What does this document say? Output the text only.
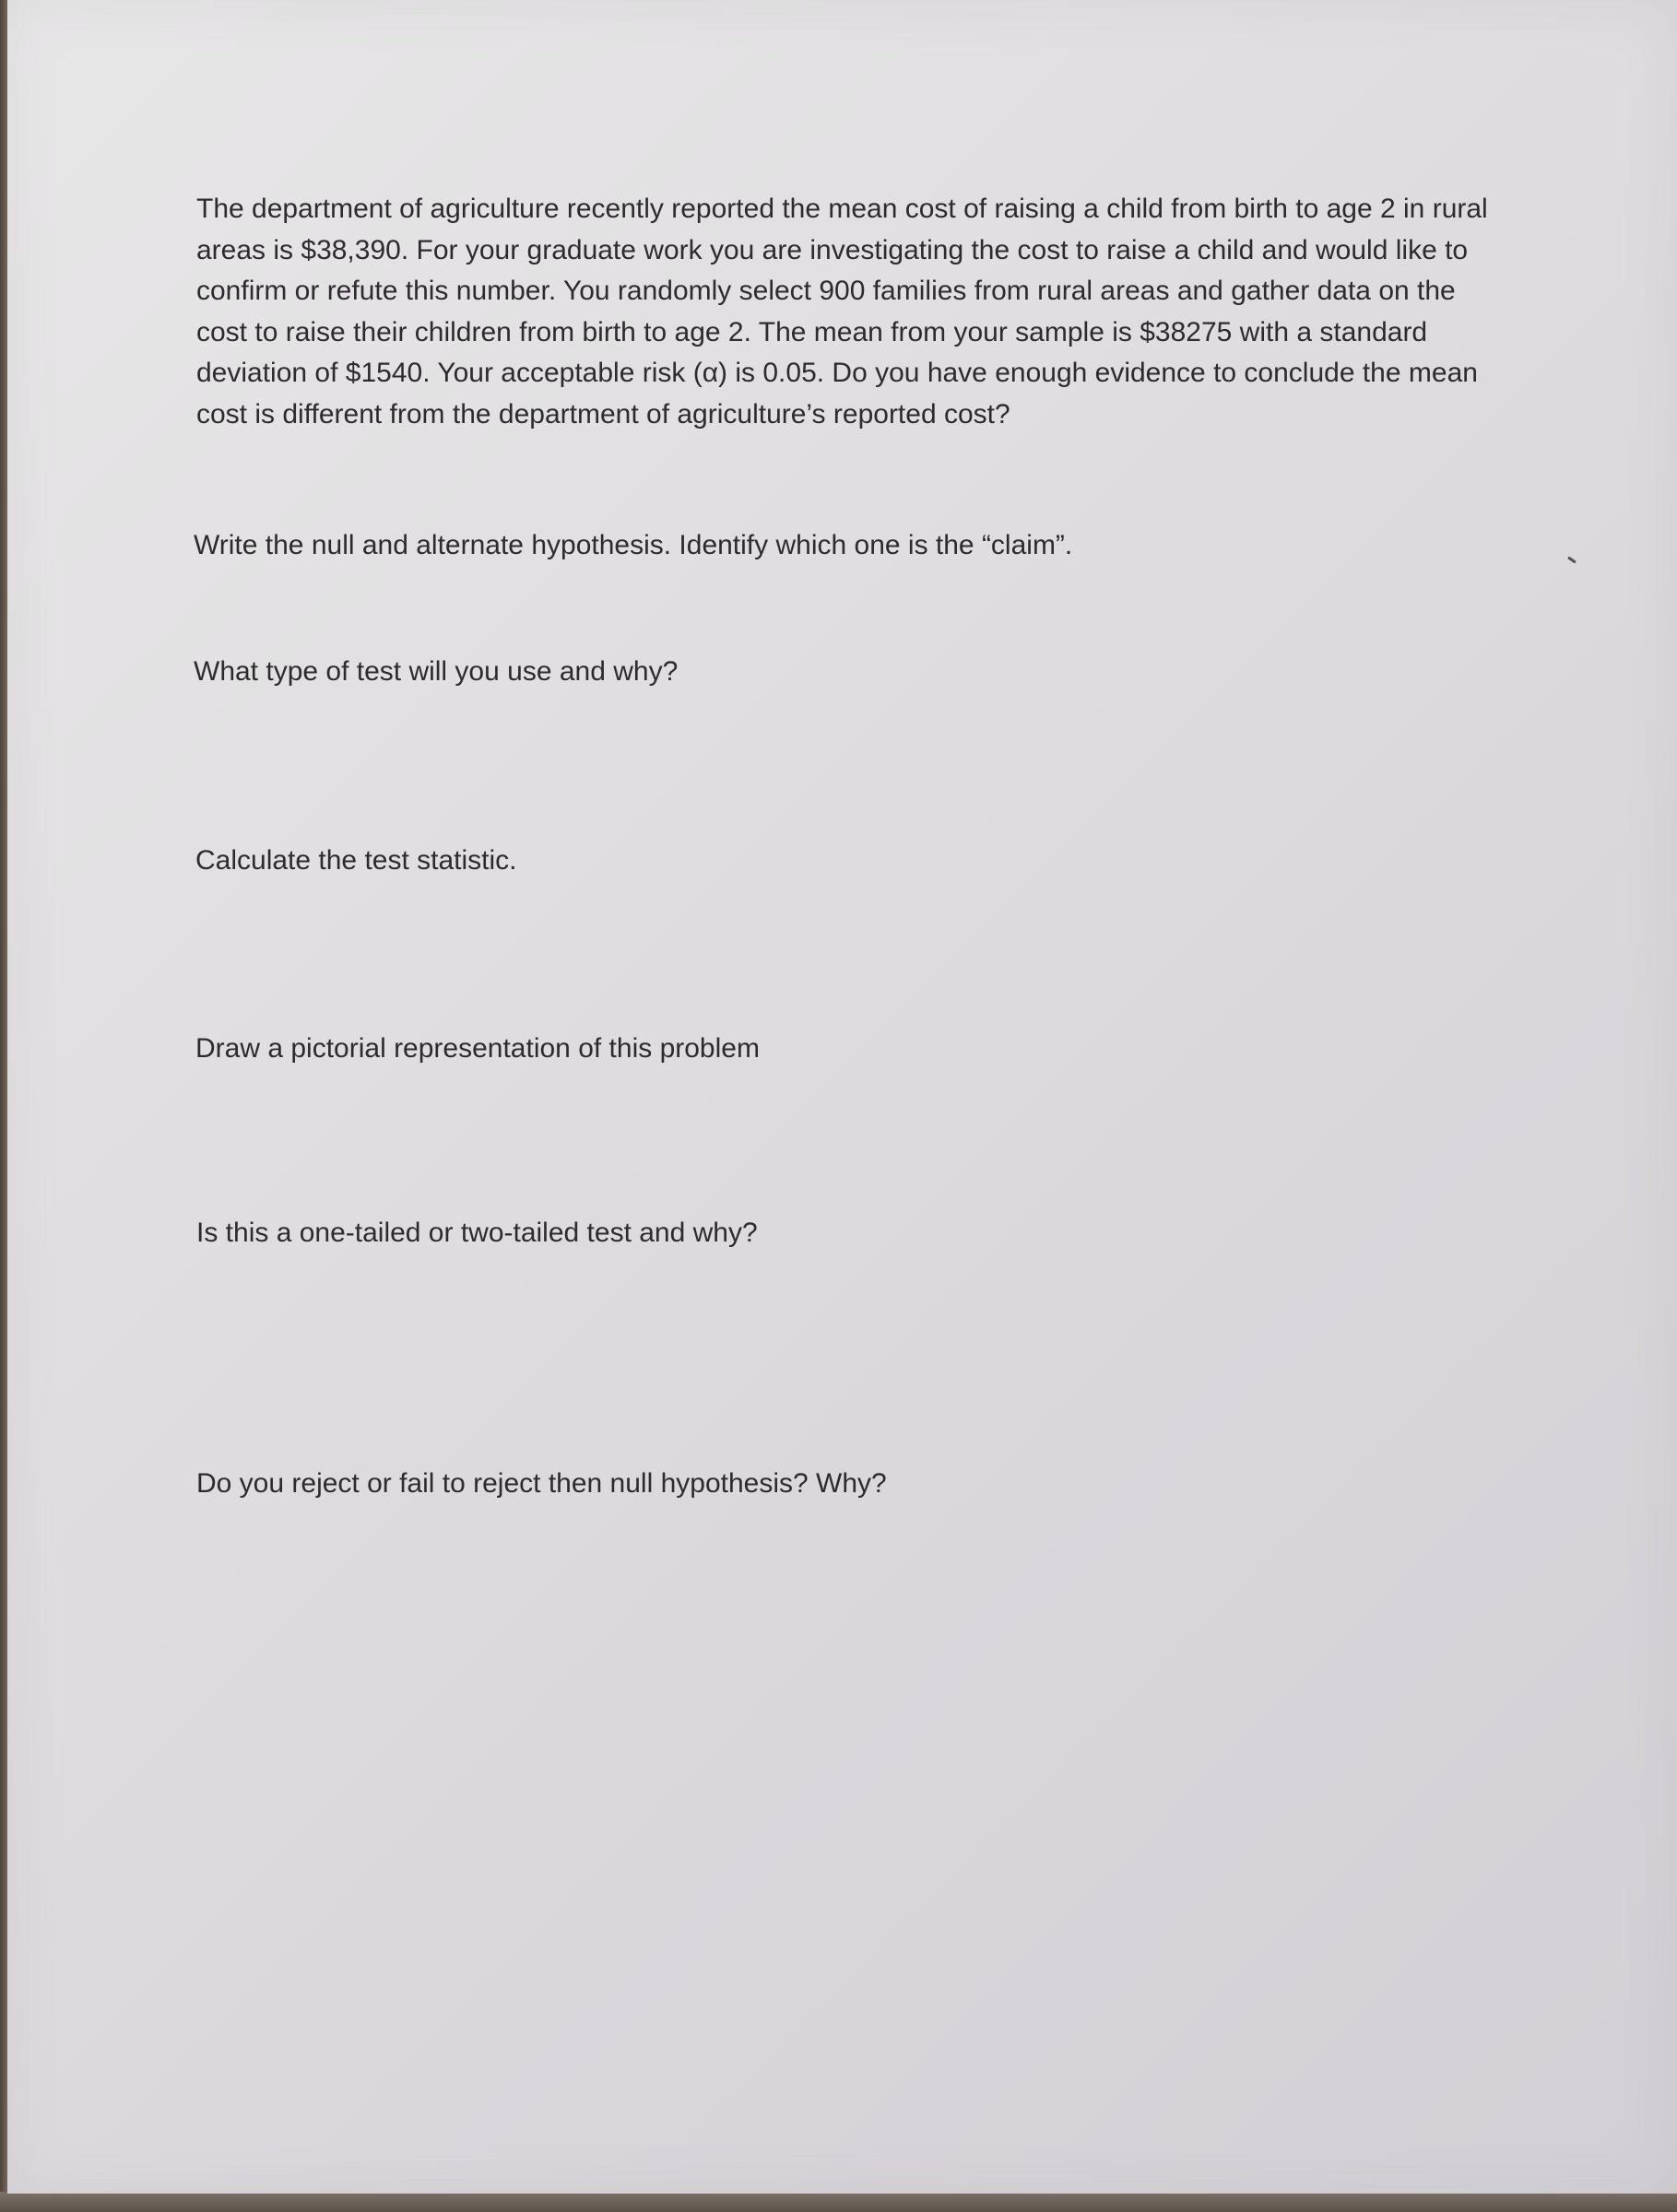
The department of agriculture recently reported the mean cost of raising a child from birth to age 2 in rural areas is $38,390. For your graduate work you are investigating the cost to raise a child and would like to confirm or refute this number. You randomly select 900 families from rural areas and gather data on the cost to raise their children from birth to age 2. The mean from your sample is $38275 with a standard deviation of $1540. Your acceptable risk (α) is 0.05. Do you have enough evidence to conclude the mean cost is different from the department of agriculture’s reported cost?

Write the null and alternate hypothesis. Identify which one is the “claim”.

What type of test will you use and why?

Calculate the test statistic.

Draw a pictorial representation of this problem

Is this a one-tailed or two-tailed test and why?

Do you reject or fail to reject then null hypothesis? Why?
